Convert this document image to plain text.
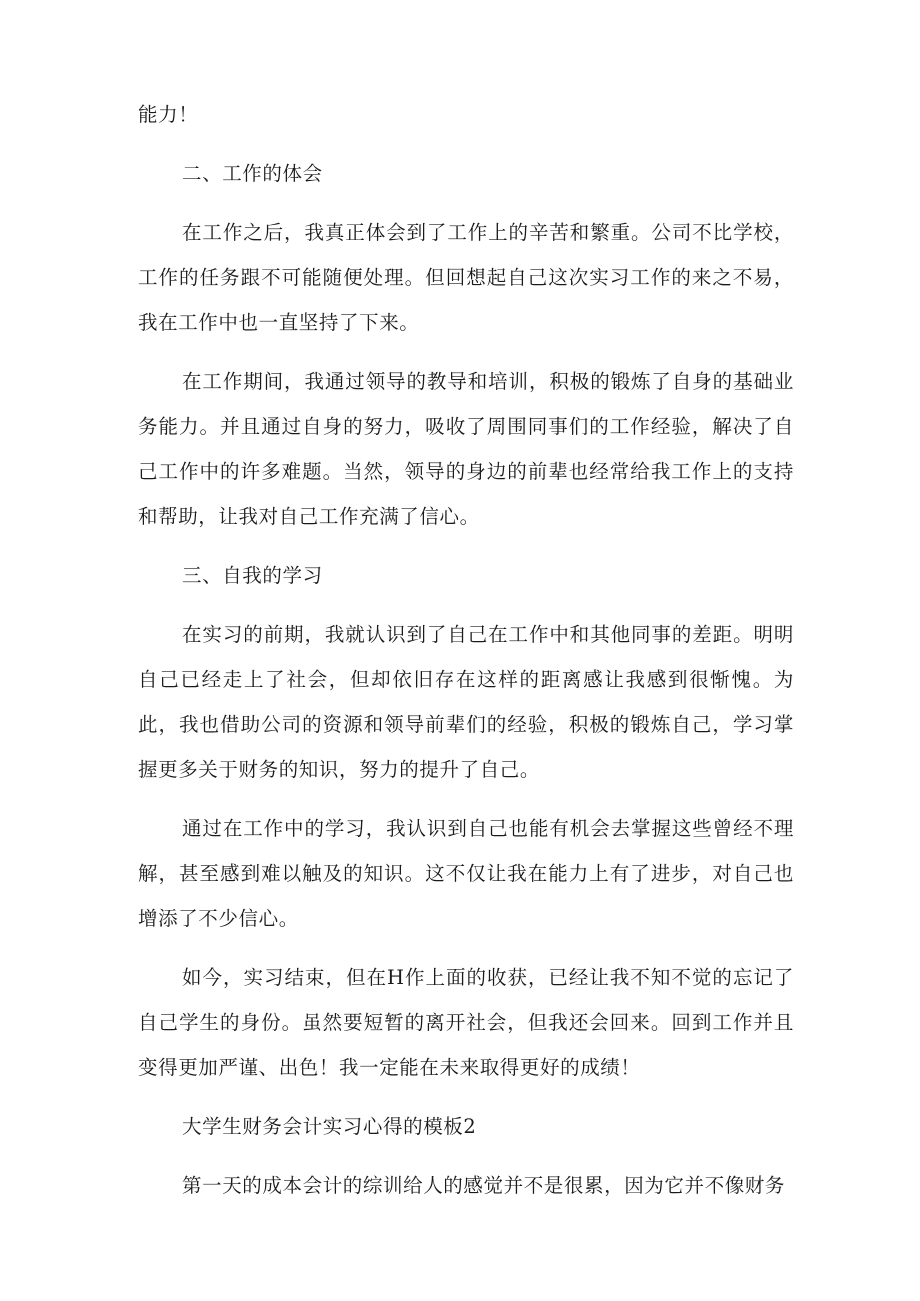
能力！

二、工作的体会

在工作之后，我真正体会到了工作上的辛苦和繁重。公司不比学校，工作的任务跟不可能随便处理。但回想起自己这次实习工作的来之不易，我在工作中也一直坚持了下来。

在工作期间，我通过领导的教导和培训，积极的锻炼了自身的基础业务能力。并且通过自身的努力，吸收了周围同事们的工作经验，解决了自己工作中的许多难题。当然，领导的身边的前辈也经常给我工作上的支持和帮助，让我对自己工作充满了信心。

三、自我的学习

在实习的前期，我就认识到了自己在工作中和其他同事的差距。明明自己已经走上了社会，但却依旧存在这样的距离感让我感到很惭愧。为此，我也借助公司的资源和领导前辈们的经验，积极的锻炼自己，学习掌握更多关于财务的知识，努力的提升了自己。

通过在工作中的学习，我认识到自己也能有机会去掌握这些曾经不理解，甚至感到难以触及的知识。这不仅让我在能力上有了进步，对自己也增添了不少信心。

如今，实习结束，但在H作上面的收获，已经让我不知不觉的忘记了自己学生的身份。虽然要短暂的离开社会，但我还会回来。回到工作并且变得更加严谨、出色！我一定能在未来取得更好的成绩！

大学生财务会计实习心得的模板2

第一天的成本会计的综训给人的感觉并不是很累，因为它并不像财务
